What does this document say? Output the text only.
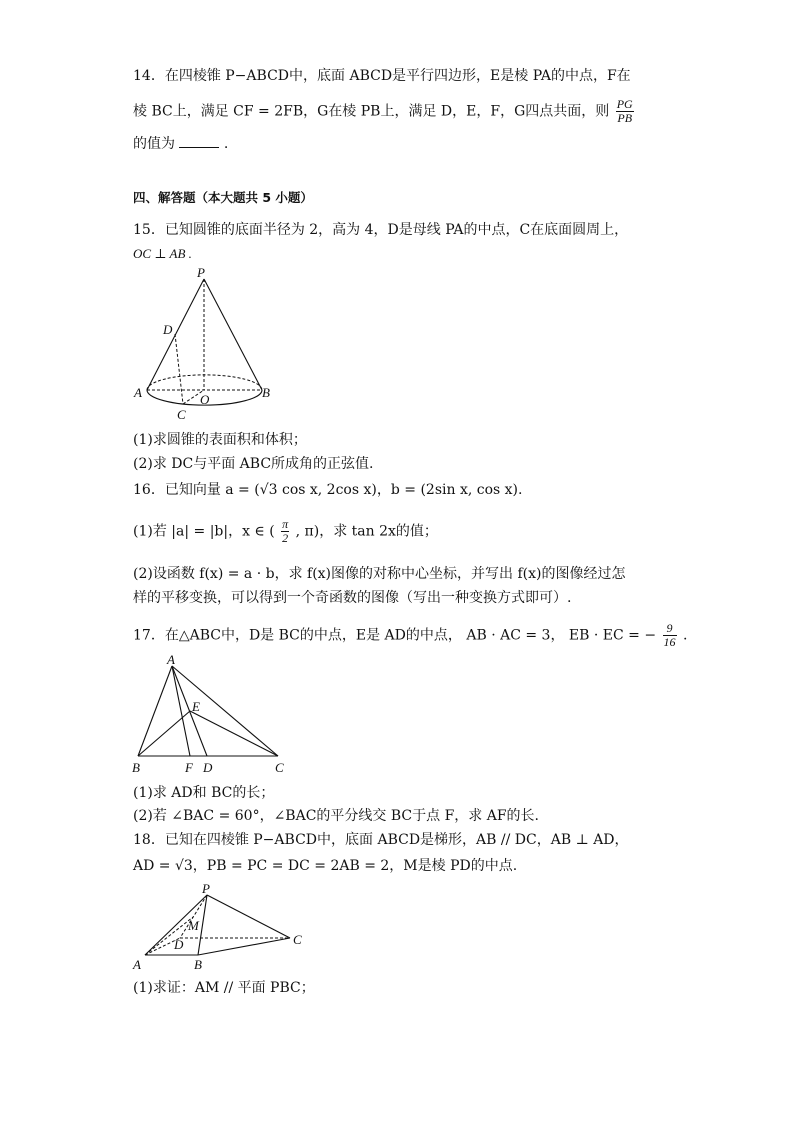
14．在四棱锥 P−ABCD中，底面 ABCD是平行四边形，E是棱 PA的中点，F在
棱 BC上，满足 CF = 2FB，G在棱 PB上，满足 D，E，F，G四点共面，则 $\frac{PG}{PB}$
的值为	.
四、解答题（本大题共 5 小题）
15．已知圆锥的底面半径为 2，高为 4，D是母线 PA的中点，C在底面圆周上，
OC ⊥ AB .
P
D
A	O	B
C
(1)求圆锥的表面积和体积；
(2)求 DC与平面 ABC所成角的正弦值.
16．已知向量 a = (√3 cos x, 2cos x)，b = (2sin x, cos x).
(1)若 |a| = |b|，x ∈ ( $\frac{\pi}{2}$ , π)，求 tan 2x的值；
(2)设函数 f(x) = a · b，求 f(x)图像的对称中心坐标，并写出 f(x)的图像经过怎
样的平移变换，可以得到一个奇函数的图像（写出一种变换方式即可）.
17．在△ABC中，D是 BC的中点，E是 AD的中点， AB · AC = 3， EB · EC = − $\frac{9}{16}$ .
A
E
B	F D	C
(1)求 AD和 BC的长；
(2)若 ∠BAC = 60°，∠BAC的平分线交 BC于点 F，求 AF的长.
18．已知在四棱锥 P−ABCD中，底面 ABCD是梯形，AB // DC，AB ⊥ AD，
AD = √3，PB = PC = DC = 2AB = 2，M是棱 PD的中点.
P
M
D	C
A	B
(1)求证：AM // 平面 PBC；
